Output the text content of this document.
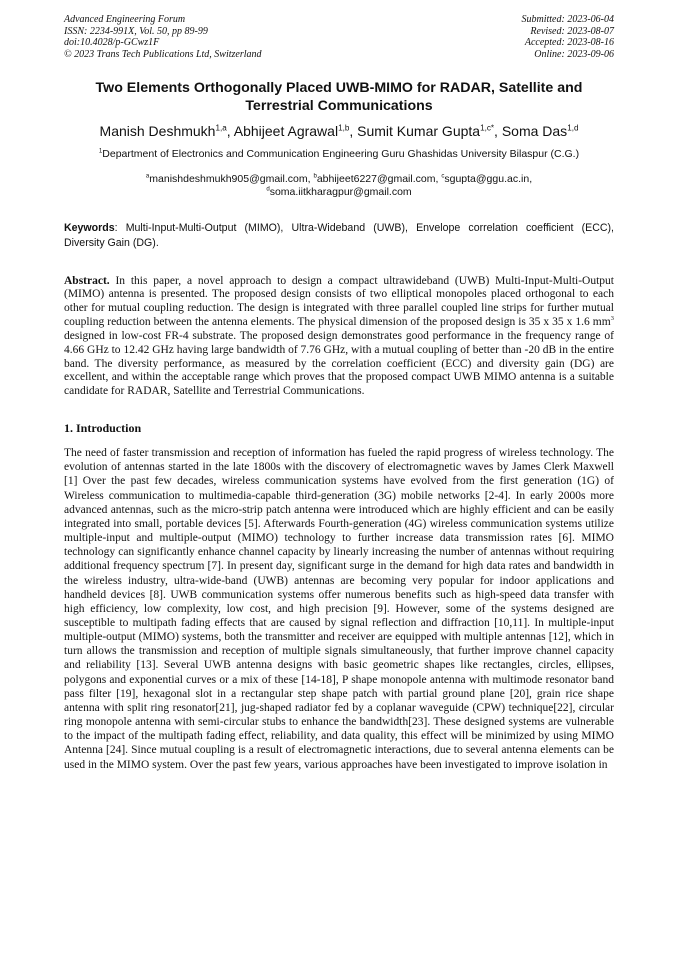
Advanced Engineering Forum
ISSN: 2234-991X, Vol. 50, pp 89-99
doi:10.4028/p-GCwz1F
© 2023 Trans Tech Publications Ltd, Switzerland
Submitted: 2023-06-04
Revised: 2023-08-07
Accepted: 2023-08-16
Online: 2023-09-06
Two Elements Orthogonally Placed UWB-MIMO for RADAR, Satellite and Terrestrial Communications
Manish Deshmukh$^{1,a}$, Abhijeet Agrawal$^{1,b}$, Sumit Kumar Gupta$^{1,c*}$, Soma Das$^{1,d}$
$^1$Department of Electronics and Communication Engineering Guru Ghashidas University Bilaspur (C.G.)
$^a$manishdeshmukh905@gmail.com, $^b$abhijeet6227@gmail.com, $^c$sgupta@ggu.ac.in,
$^d$soma.iitkharagpur@gmail.com
Keywords: Multi-Input-Multi-Output (MIMO), Ultra-Wideband (UWB), Envelope correlation coefficient (ECC), Diversity Gain (DG).
Abstract. In this paper, a novel approach to design a compact ultrawideband (UWB) Multi-Input-Multi-Output (MIMO) antenna is presented. The proposed design consists of two elliptical monopoles placed orthogonal to each other for mutual coupling reduction. The design is integrated with three parallel coupled line strips for further mutual coupling reduction between the antenna elements. The physical dimension of the proposed design is 35 x 35 x 1.6 $mm^3$ designed in low-cost FR-4 substrate. The proposed design demonstrates good performance in the frequency range of 4.66 GHz to 12.42 GHz having large bandwidth of 7.76 GHz, with a mutual coupling of better than -20 dB in the entire band. The diversity performance, as measured by the correlation coefficient (ECC) and diversity gain (DG) are excellent, and within the acceptable range which proves that the proposed compact UWB MIMO antenna is a suitable candidate for RADAR, Satellite and Terrestrial Communications.
1. Introduction
The need of faster transmission and reception of information has fueled the rapid progress of wireless technology. The evolution of antennas started in the late 1800s with the discovery of electromagnetic waves by James Clerk Maxwell [1] Over the past few decades, wireless communication systems have evolved from the first generation (1G) of Wireless communication to multimedia-capable third-generation (3G) mobile networks [2-4]. In early 2000s more advanced antennas, such as the micro-strip patch antenna were introduced which are highly efficient and can be easily integrated into small, portable devices [5]. Afterwards Fourth-generation (4G) wireless communication systems utilize multiple-input and multiple-output (MIMO) technology to further increase data transmission rates [6]. MIMO technology can significantly enhance channel capacity by linearly increasing the number of antennas without requiring additional frequency spectrum [7]. In present day, significant surge in the demand for high data rates and bandwidth in the wireless industry, ultra-wide-band (UWB) antennas are becoming very popular for indoor applications and handheld devices [8]. UWB communication systems offer numerous benefits such as high-speed data transfer with high efficiency, low complexity, low cost, and high precision [9]. However, some of the systems designed are susceptible to multipath fading effects that are caused by signal reflection and diffraction [10,11]. In multiple-input multiple-output (MIMO) systems, both the transmitter and receiver are equipped with multiple antennas [12], which in turn allows the transmission and reception of multiple signals simultaneously, that further improve channel capacity and reliability [13]. Several UWB antenna designs with basic geometric shapes like rectangles, circles, ellipses, polygons and exponential curves or a mix of these [14-18], P shape monopole antenna with multimode resonator band pass filter [19], hexagonal slot in a rectangular step shape patch with partial ground plane [20], grain rice shape antenna with split ring resonator[21], jug-shaped radiator fed by a coplanar waveguide (CPW) technique[22], circular ring monopole antenna with semi-circular stubs to enhance the bandwidth[23]. These designed systems are vulnerable to the impact of the multipath fading effect, reliability, and data quality, this effect will be minimized by using MIMO Antenna [24]. Since mutual coupling is a result of electromagnetic interactions, due to several antenna elements can be used in the MIMO system. Over the past few years, various approaches have been investigated to improve isolation in
